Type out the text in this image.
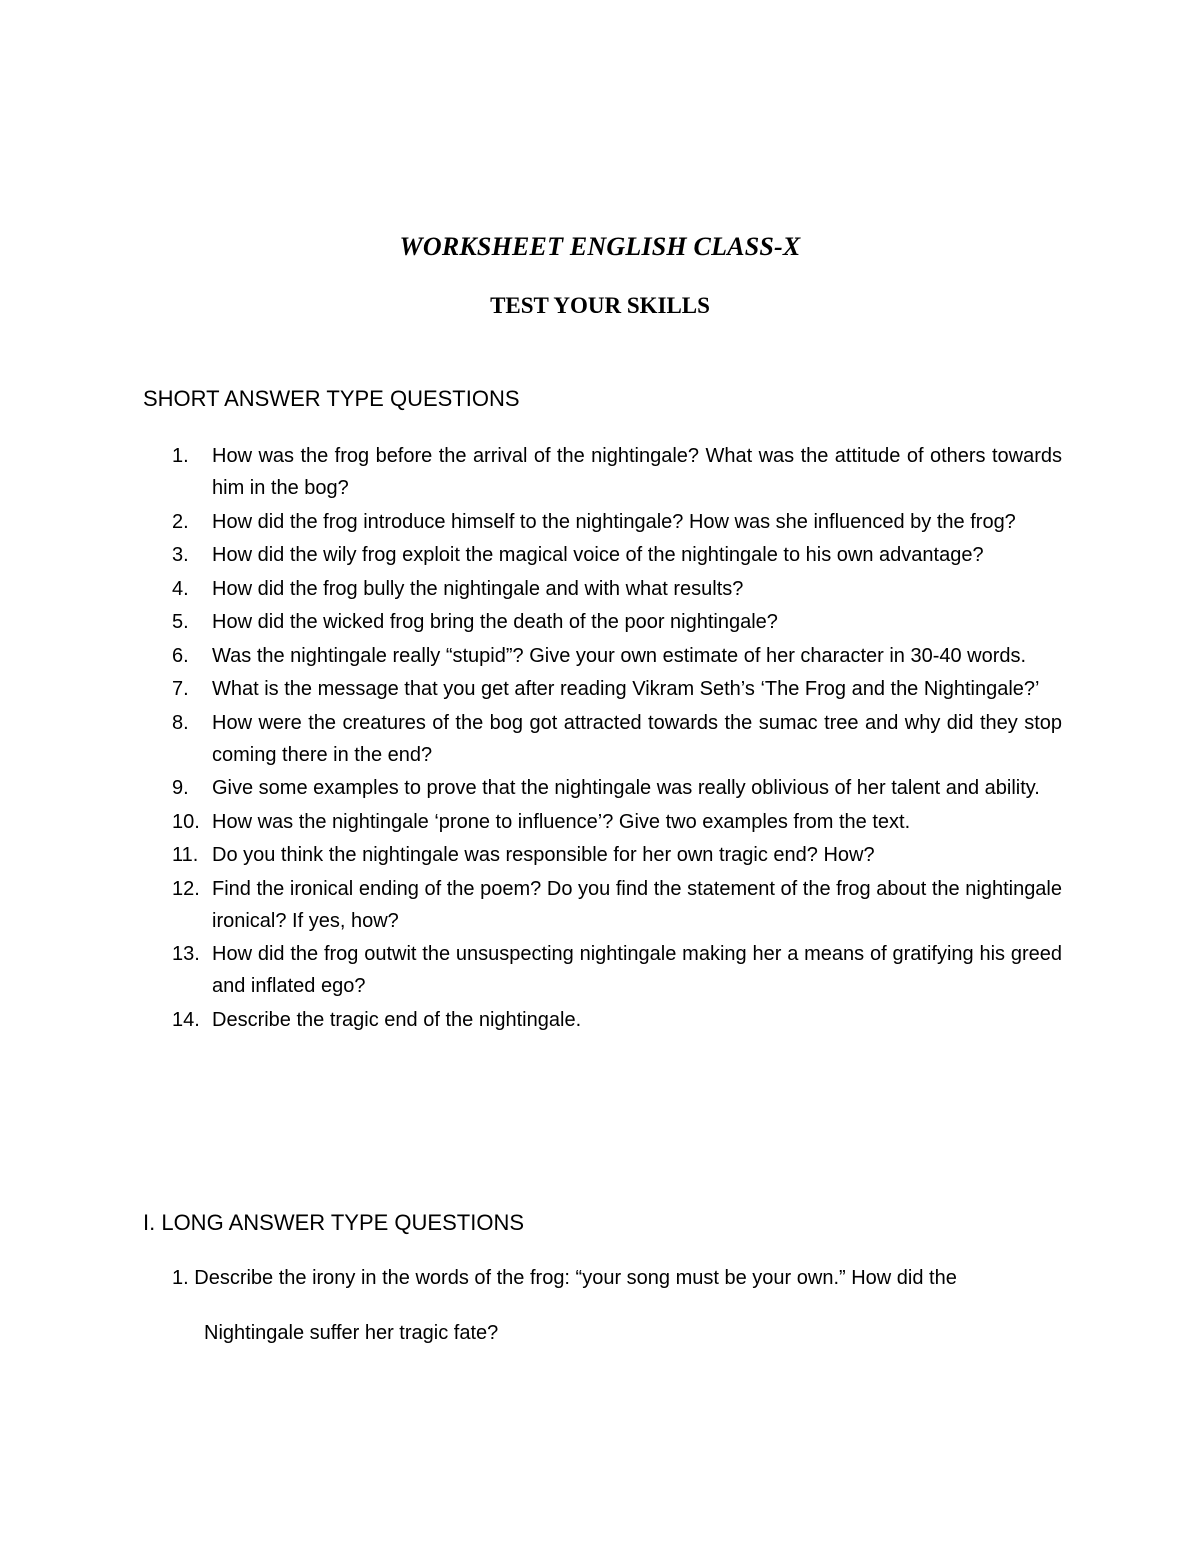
WORKSHEET ENGLISH CLASS-X
TEST YOUR SKILLS
SHORT ANSWER TYPE QUESTIONS
1.	How was the frog before the arrival of the nightingale? What was the attitude of others towards him in the bog?
2.	How did the frog introduce himself to the nightingale? How was she influenced by the frog?
3.	How did the wily frog exploit the magical voice of the nightingale to his own advantage?
4.	How did the frog bully the nightingale and with what results?
5.	How did the wicked frog bring the death of the poor nightingale?
6.	Was the nightingale really “stupid”? Give your own estimate of her character in 30-40 words.
7.	What is the message that you get after reading Vikram Seth’s ‘The Frog and the Nightingale?’
8.	How were the creatures of the bog got attracted towards the sumac tree and why did they stop coming there in the end?
9.	Give some examples to prove that the nightingale was really oblivious of her talent and ability.
10. How was the nightingale ‘prone to influence’? Give two examples from the text.
11. Do you think the nightingale was responsible for her own tragic end? How?
12. Find the ironical ending of the poem? Do you find the statement of the frog about the nightingale ironical? If yes, how?
13. How did the frog outwit the unsuspecting nightingale making her a means of gratifying his greed and inflated ego?
14. Describe the tragic end of the nightingale.
I. LONG ANSWER TYPE QUESTIONS
1. Describe the irony in the words of the frog: “your song must be your own.” How did the
Nightingale suffer her tragic fate?
